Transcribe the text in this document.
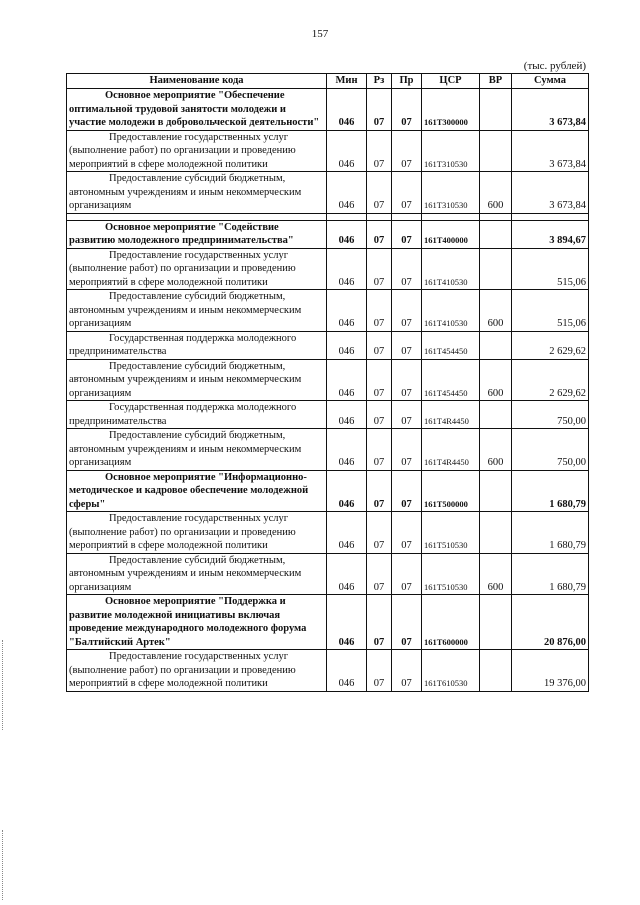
157
(тыс. рублей)
Наименование кода	Мин	Рз	Пр	ЦСР	ВР	Сумма

Основное мероприятие "Обеспечение оптимальной трудовой занятости молодежи и участие молодежи в добровольческой деятельности"	046	07	07	161Т300000		3 673,84

Предоставление государственных услуг (выполнение работ) по организации и проведению мероприятий в сфере молодежной политики	046	07	07	161Т310530		3 673,84

Предоставление субсидий бюджетным, автономным учреждениям и иным некоммерческим организациям	046	07	07	161Т310530	600	3 673,84

Основное мероприятие "Содействие развитию молодежного предпринимательства"	046	07	07	161Т400000		3 894,67

Предоставление государственных услуг (выполнение работ) по организации и проведению мероприятий в сфере молодежной политики	046	07	07	161Т410530		515,06

Предоставление субсидий бюджетным, автономным учреждениям и иным некоммерческим организациям	046	07	07	161Т410530	600	515,06

Государственная поддержка молодежного предпринимательства	046	07	07	161Т454450		2 629,62

Предоставление субсидий бюджетным, автономным учреждениям и иным некоммерческим организациям	046	07	07	161Т454450	600	2 629,62

Государственная поддержка молодежного предпринимательства	046	07	07	161Т4R4450		750,00

Предоставление субсидий бюджетным, автономным учреждениям и иным некоммерческим организациям	046	07	07	161Т4R4450	600	750,00

Основное мероприятие "Информационно-методическое и кадровое обеспечение молодежной сферы"	046	07	07	161Т500000		1 680,79

Предоставление государственных услуг (выполнение работ) по организации и проведению мероприятий в сфере молодежной политики	046	07	07	161Т510530		1 680,79

Предоставление субсидий бюджетным, автономным учреждениям и иным некоммерческим организациям	046	07	07	161Т510530	600	1 680,79

Основное мероприятие "Поддержка и развитие молодежной инициативы включая проведение международного молодежного форума "Балтийский Артек"	046	07	07	161Т600000		20 876,00

Предоставление государственных услуг (выполнение работ) по организации и проведению мероприятий в сфере молодежной политики	046	07	07	161Т610530		19 376,00
